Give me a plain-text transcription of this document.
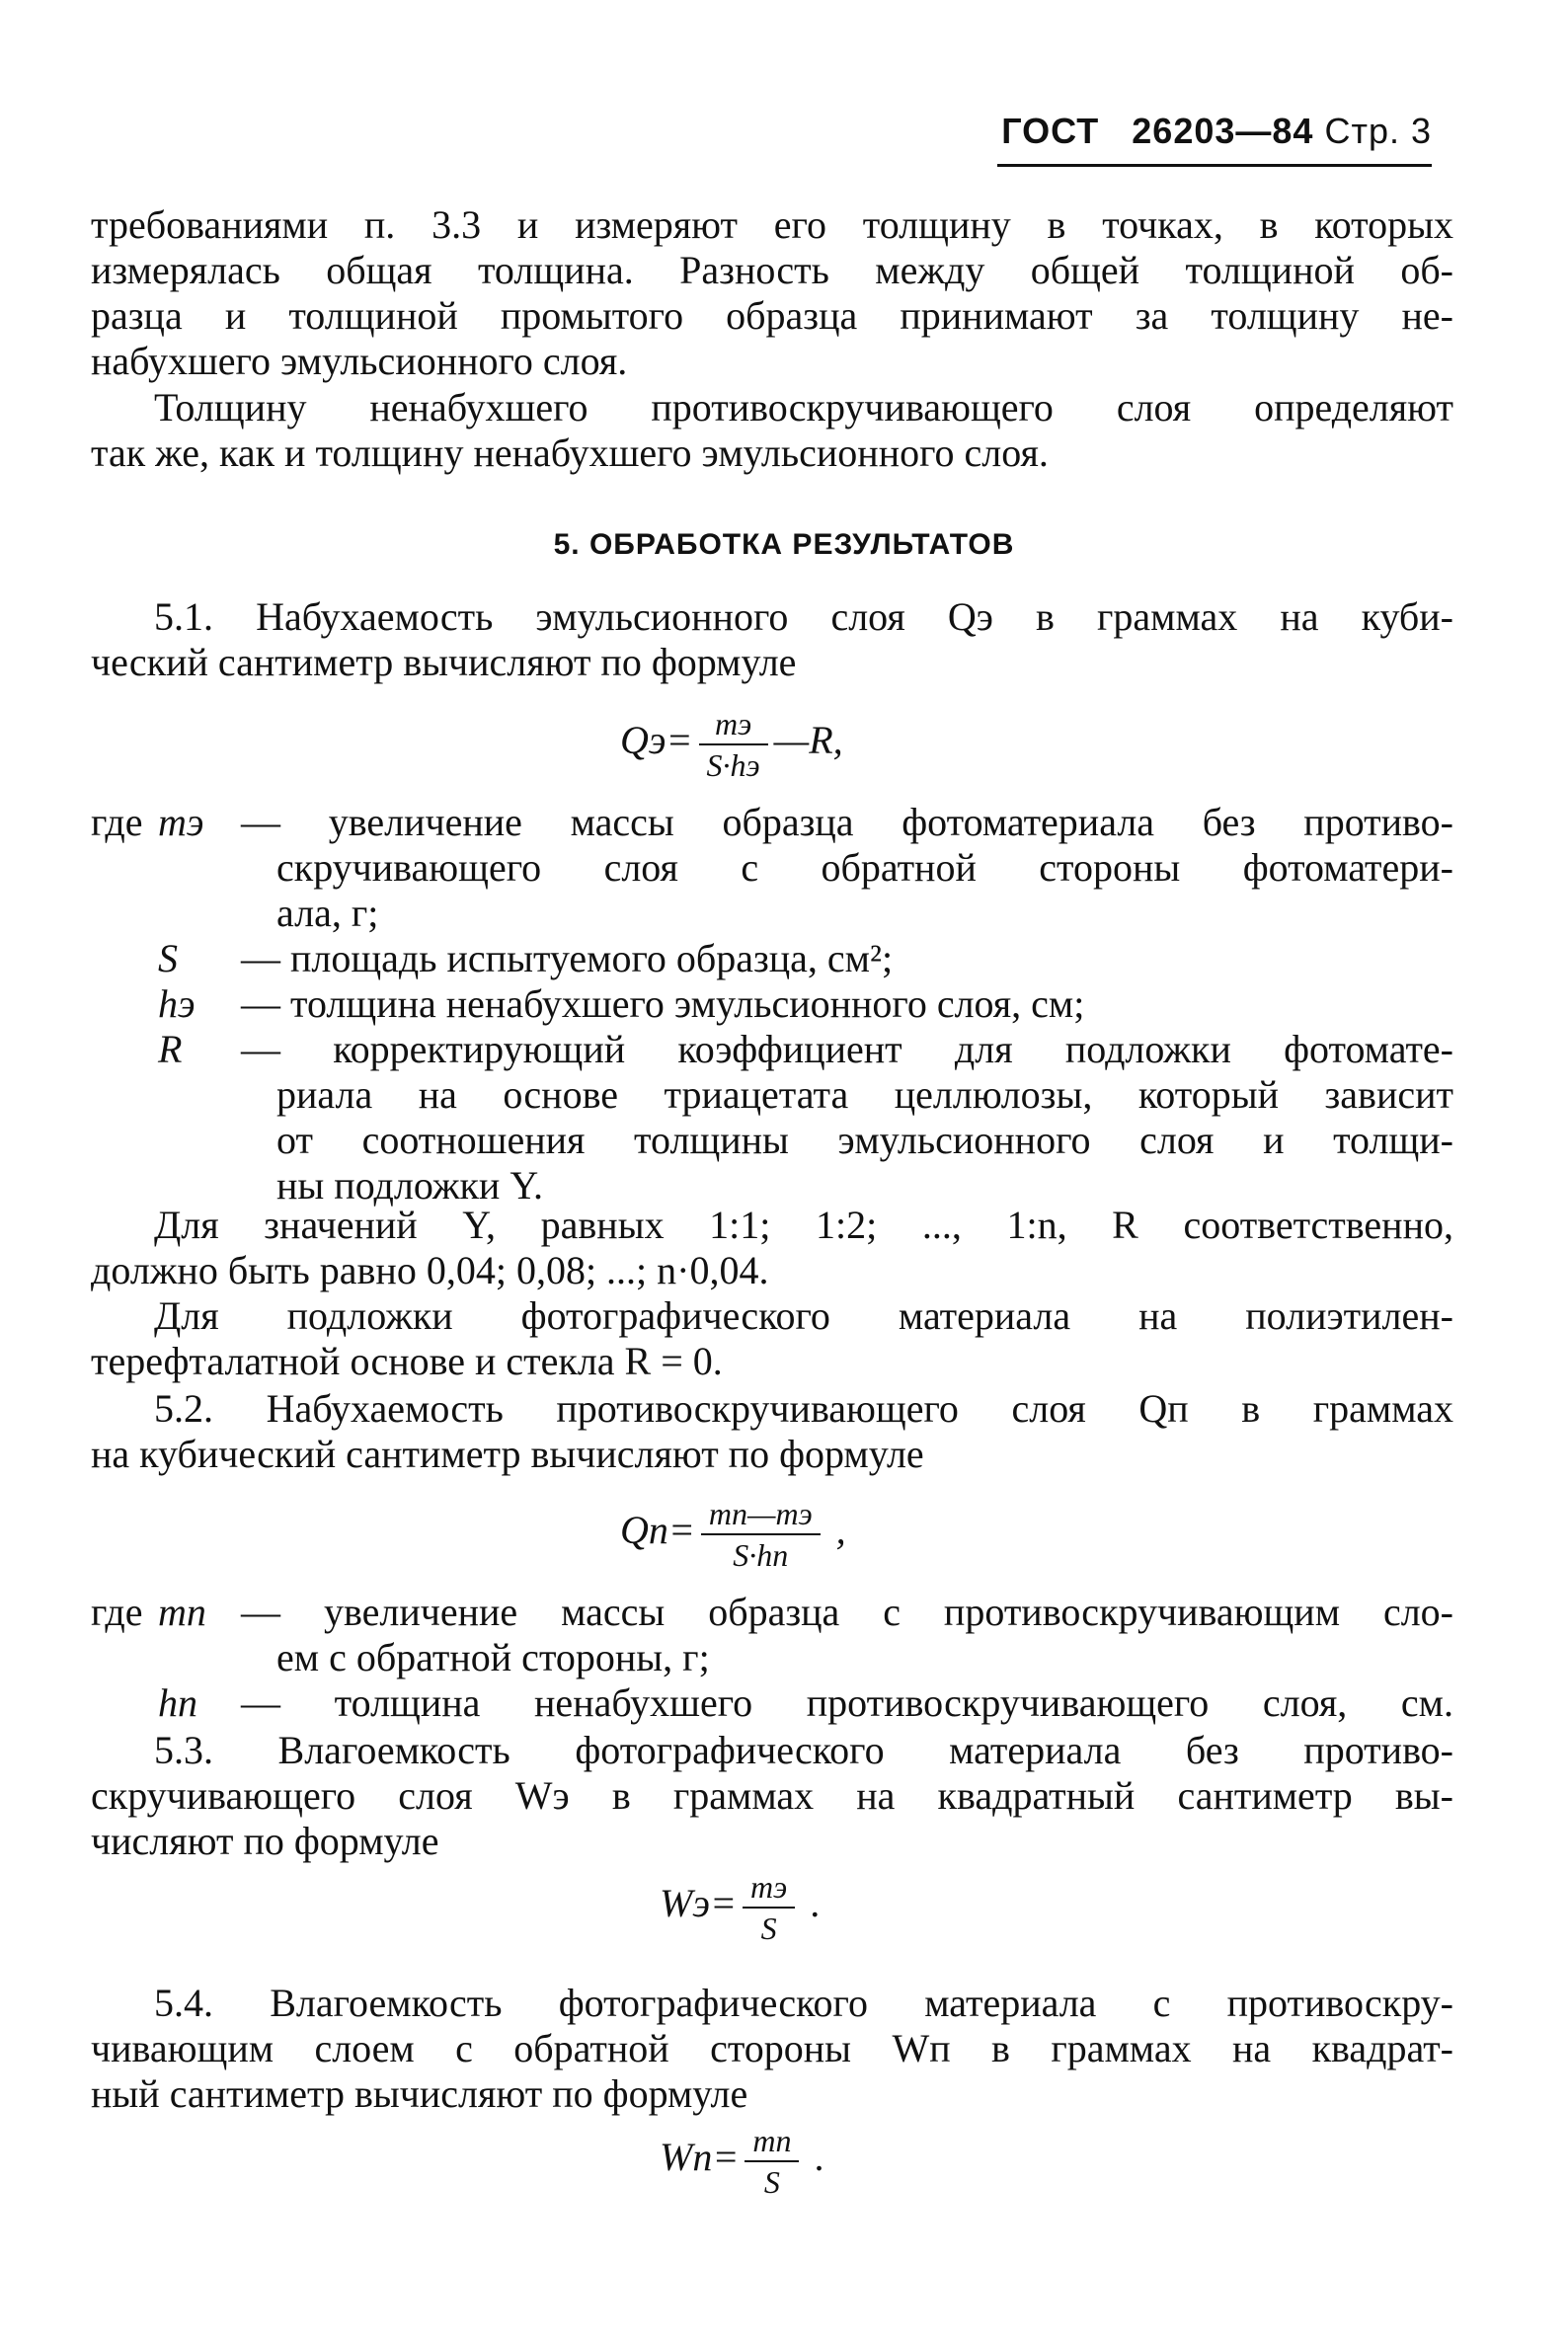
ГОСТ 26203—84 Стр. 3
требованиями п. 3.3 и измеряют его толщину в точках, в которых
измерялась общая толщина. Разность между общей толщиной об-
разца и толщиной промытого образца принимают за толщину не-
набухшего эмульсионного слоя.
Толщину ненабухшего противоскручивающего слоя определяют
так же, как и толщину ненабухшего эмульсионного слоя.
5. ОБРАБОТКА РЕЗУЛЬТАТОВ
5.1. Набухаемость эмульсионного слоя Qэ в граммах на куби-
ческий сантиметр вычисляют по формуле
$Qэ= \frac{mэ}{S\cdot hэ}$ —R,
где mэ — увеличение массы образца фотоматериала без противо-
скручивающего слоя с обратной стороны фотоматери-
ала, г;
S	— площадь испытуемого образца, см²;
hэ	— толщина ненабухшего эмульсионного слоя, см;
R	— корректирующий коэффициент для подложки фотомате-
риала на основе триацетата целлюлозы, который зависит
от соотношения толщины эмульсионного слоя и толщи-
ны подложки Y.
Для значений Y, равных 1:1; 1:2; ..., 1:n, R соответственно,
должно быть равно 0,04; 0,08; ...; n·0,04.
Для подложки фотографического материала на полиэтилен-
терефталатной основе и стекла R = 0.
5.2. Набухаемость противоскручивающего слоя Qп в граммах
на кубический сантиметр вычисляют по формуле
$Qп= \frac{mп—mэ}{S\cdot hп}$ ,
где mп — увеличение массы образца с противоскручивающим сло-
ем с обратной стороны, г;
hп	— толщина ненабухшего противоскручивающего слоя, см.
5.3. Влагоемкость фотографического материала без противо-
скручивающего слоя Wэ в граммах на квадратный сантиметр вы-
числяют по формуле
$Wэ= \frac{mэ}{S}$ .
5.4. Влагоемкость фотографического материала с противоскру-
чивающим слоем с обратной стороны Wп в граммах на квадрат-
ный сантиметр вычисляют по формуле
$Wп= \frac{mп}{S}$ .
